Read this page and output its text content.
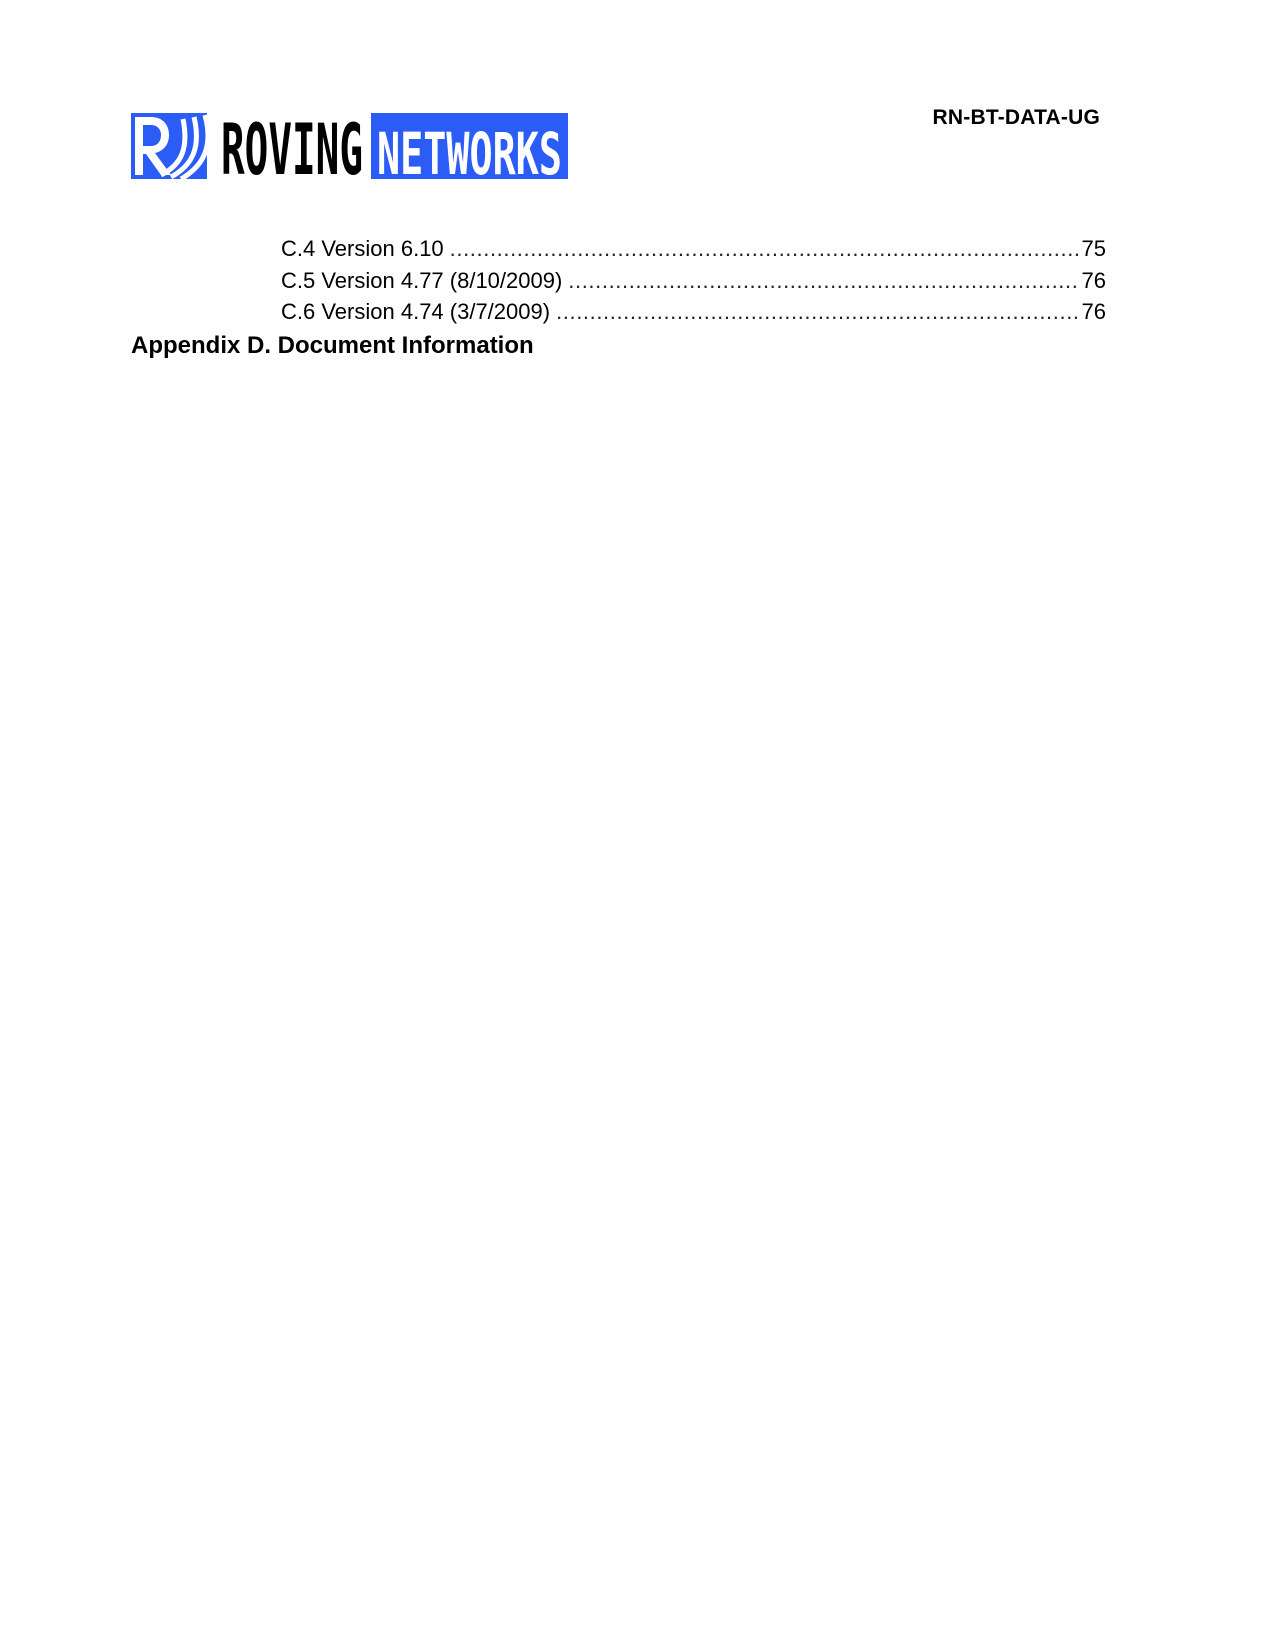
ROVING NETWORKS
RN-BT-DATA-UG
C.4 Version 6.10 .....	75
C.5 Version 4.77 (8/10/2009) .....	76
C.6 Version 4.74 (3/7/2009) .....	76
Appendix D. Document Information
